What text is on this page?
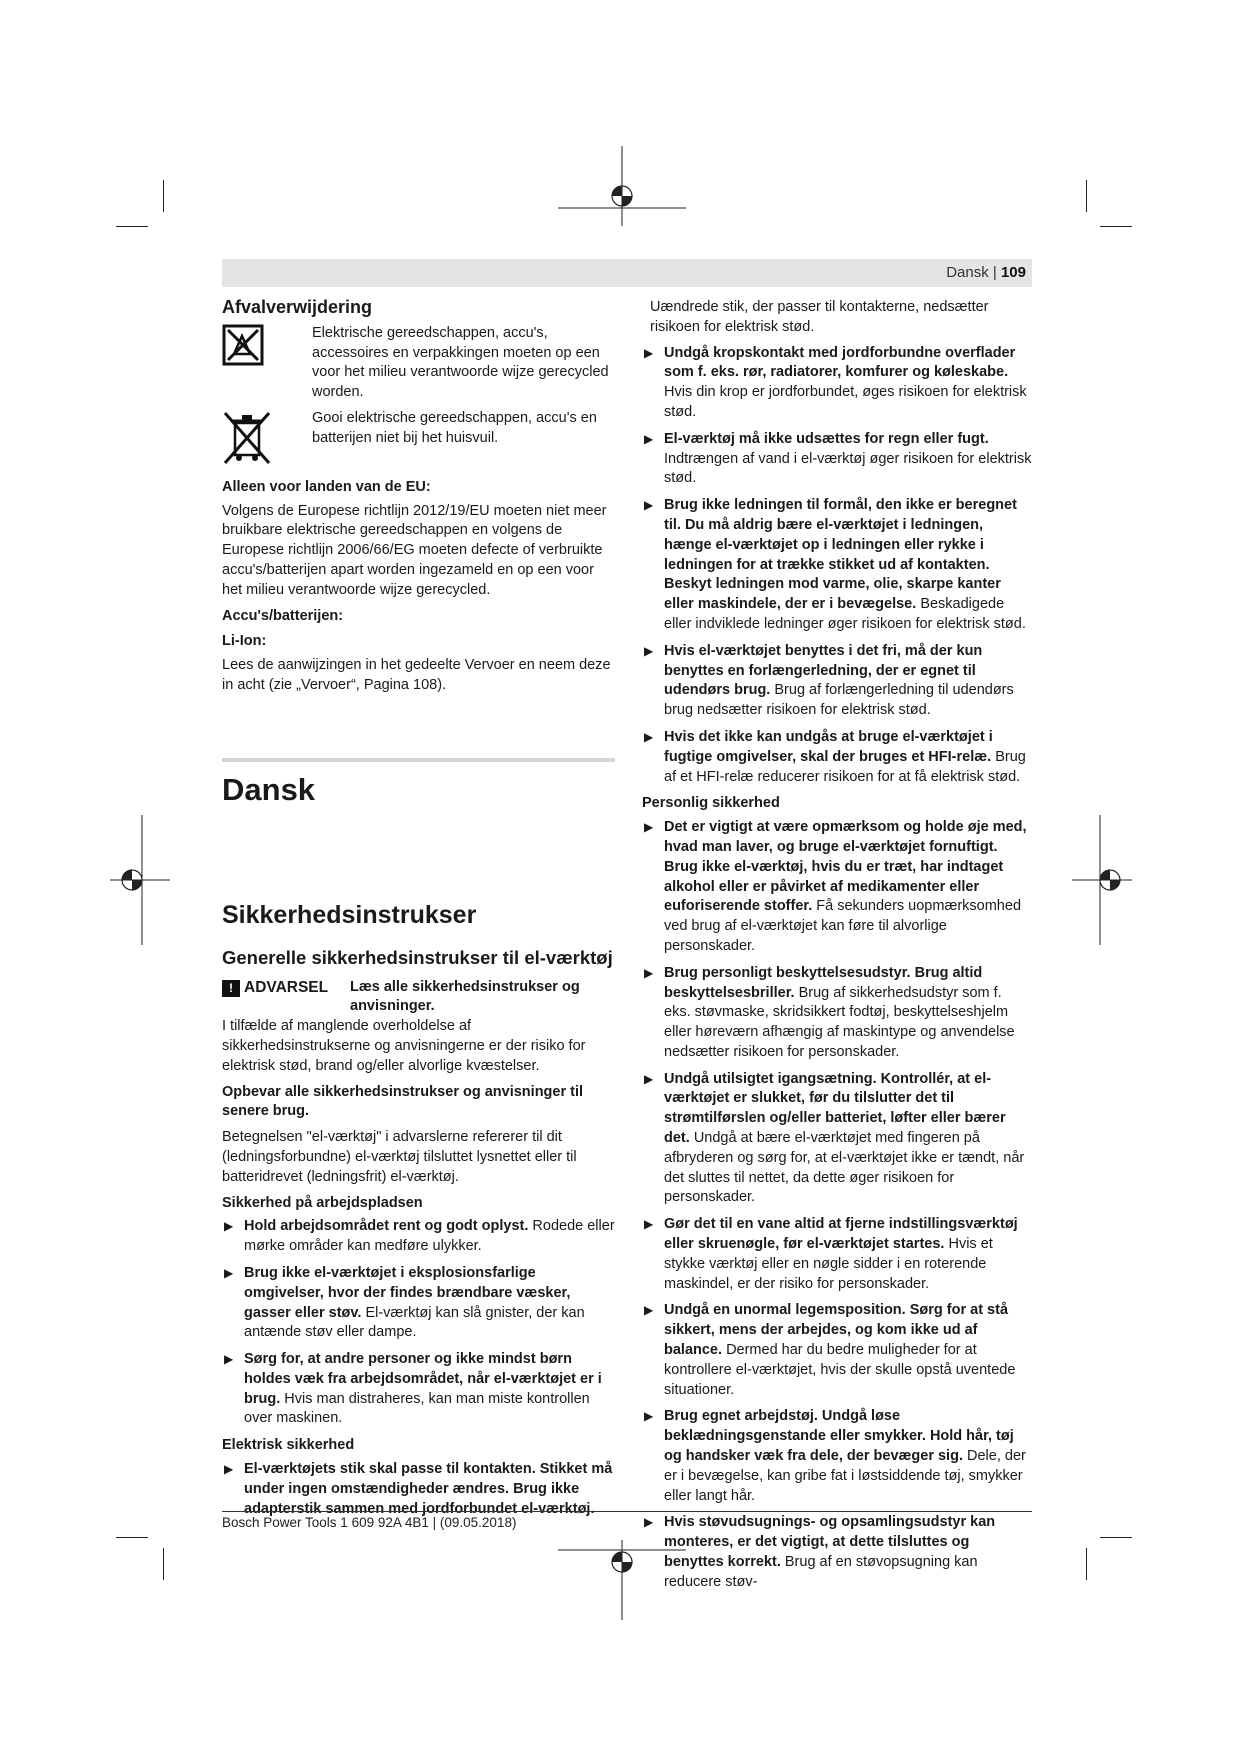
Dansk | 109
Afvalverwijdering

Elektrische gereedschappen, accu's, accessoires en verpakkingen moeten op een voor het milieu verantwoorde wijze gerecycled worden.

Gooi elektrische gereedschappen, accu's en batterijen niet bij het huisvuil.

Alleen voor landen van de EU:

Volgens de Europese richtlijn 2012/19/EU moeten niet meer bruikbare elektrische gereedschappen en volgens de Europese richtlijn 2006/66/EG moeten defecte of verbruikte accu's/batterijen apart worden ingezameld en op een voor het milieu verantwoorde wijze gerecycled.

Accu's/batterijen:
Li-Ion:

Lees de aanwijzingen in het gedeelte Vervoer en neem deze in acht (zie „Vervoer“, Pagina 108).

Dansk
Sikkerhedsinstrukser
Generelle sikkerhedsinstrukser til el-værktøj
! ADVARSEL Læs alle sikkerhedsinstrukser og anvisninger.

I tilfælde af manglende overholdelse af sikkerhedsinstrukserne og anvisningerne er der risiko for elektrisk stød, brand og/eller alvorlige kvæstelser.

Opbevar alle sikkerhedsinstrukser og anvisninger til senere brug.

Betegnelsen "el-værktøj" i advarslerne refererer til dit (ledningsforbundne) el-værktøj tilsluttet lysnettet eller til batteridrevet (ledningsfrit) el-værktøj.

Sikkerhed på arbejdspladsen
▶ Hold arbejdsområdet rent og godt oplyst. Rodede eller mørke områder kan medføre ulykker.
▶ Brug ikke el-værktøjet i eksplosionsfarlige omgivelser, hvor der findes brændbare væsker, gasser eller støv. El-værktøj kan slå gnister, der kan antænde støv eller dampe.
▶ Sørg for, at andre personer og ikke mindst børn holdes væk fra arbejdsområdet, når el-værktøjet er i brug. Hvis man distraheres, kan man miste kontrollen over maskinen.
Elektrisk sikkerhed
▶ El-værktøjets stik skal passe til kontakten. Stikket må under ingen omstændigheder ændres. Brug ikke adapterstik sammen med jordforbundet el-værktøj.

Uændrede stik, der passer til kontakterne, nedsætter risikoen for elektrisk stød.

▶ Undgå kropskontakt med jordforbundne overflader som f. eks. rør, radiatorer, komfurer og køleskabe. Hvis din krop er jordforbundet, øges risikoen for elektrisk stød.
▶ El-værktøj må ikke udsættes for regn eller fugt. Indtrængen af vand i el-værktøj øger risikoen for elektrisk stød.
▶ Brug ikke ledningen til formål, den ikke er beregnet til. Du må aldrig bære el-værktøjet i ledningen, hænge el-værktøjet op i ledningen eller rykke i ledningen for at trække stikket ud af kontakten. Beskyt ledningen mod varme, olie, skarpe kanter eller maskindele, der er i bevægelse. Beskadigede eller indviklede ledninger øger risikoen for elektrisk stød.
▶ Hvis el-værktøjet benyttes i det fri, må der kun benyttes en forlængerledning, der er egnet til udendørs brug. Brug af forlængerledning til udendørs brug nedsætter risikoen for elektrisk stød.
▶ Hvis det ikke kan undgås at bruge el-værktøjet i fugtige omgivelser, skal der bruges et HFI-relæ. Brug af et HFI-relæ reducerer risikoen for at få elektrisk stød.
Personlig sikkerhed
▶ Det er vigtigt at være opmærksom og holde øje med, hvad man laver, og bruge el-værktøjet fornuftigt. Brug ikke el-værktøj, hvis du er træt, har indtaget alkohol eller er påvirket af medikamenter eller euforiserende stoffer. Få sekunders uopmærksomhed ved brug af el-værktøjet kan føre til alvorlige personskader.
▶ Brug personligt beskyttelsesudstyr. Brug altid beskyttelsesbriller. Brug af sikkerhedsudstyr som f. eks. støvmaske, skridsikkert fodtøj, beskyttelseshjelm eller høreværn afhængig af maskintype og anvendelse nedsætter risikoen for personskader.
▶ Undgå utilsigtet igangsætning. Kontrollér, at el-værktøjet er slukket, før du tilslutter det til strømtilførslen og/eller batteriet, løfter eller bærer det. Undgå at bære el-værktøjet med fingeren på afbryderen og sørg for, at el-værktøjet ikke er tændt, når det sluttes til nettet, da dette øger risikoen for personskader.
▶ Gør det til en vane altid at fjerne indstillingsværktøj eller skruenøgle, før el-værktøjet startes. Hvis et stykke værktøj eller en nøgle sidder i en roterende maskindel, er der risiko for personskader.
▶ Undgå en unormal legemsposition. Sørg for at stå sikkert, mens der arbejdes, og kom ikke ud af balance. Dermed har du bedre muligheder for at kontrollere el-værktøjet, hvis der skulle opstå uventede situationer.
▶ Brug egnet arbejdstøj. Undgå løse beklædningsgenstande eller smykker. Hold hår, tøj og handsker væk fra dele, der bevæger sig. Dele, der er i bevægelse, kan gribe fat i løstsiddende tøj, smykker eller langt hår.
▶ Hvis støvudsugnings- og opsamlingsudstyr kan monteres, er det vigtigt, at dette tilsluttes og benyttes korrekt. Brug af en støvopsugning kan reducere støv-
Bosch Power Tools 1 609 92A 4B1 | (09.05.2018)
